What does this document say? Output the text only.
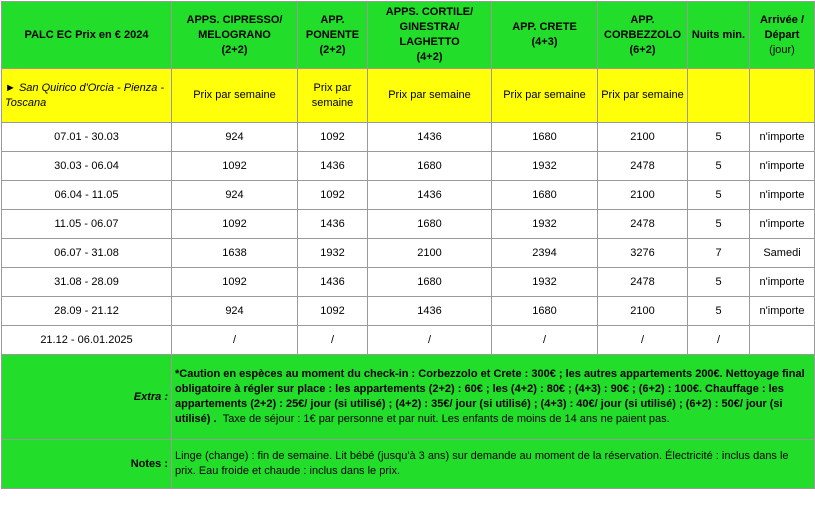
PALC EC Prix en € 2024	APPS. CIPRESSO/
MELOGRANO
(2+2)	APP.
PONENTE
(2+2)	APPS. CORTILE/
GINESTRA/
LAGHETTO
(4+2)	APP. CRETE
(4+3)	APP.
CORBEZZOLO
(6+2)	Nuits min.	Arrivée /
Départ
(jour)

► San Quirico d'Orcia - Pienza - Toscana	Prix par semaine	Prix par semaine	Prix par semaine	Prix par semaine	Prix par semaine		
07.01 - 30.03	924	1092	1436	1680	2100	5	n'importe
30.03 - 06.04	1092	1436	1680	1932	2478	5	n'importe
06.04 - 11.05	924	1092	1436	1680	2100	5	n'importe
11.05 - 06.07	1092	1436	1680	1932	2478	5	n'importe
06.07 - 31.08	1638	1932	2100	2394	3276	7	Samedi
31.08 - 28.09	1092	1436	1680	1932	2478	5	n'importe
28.09 - 21.12	924	1092	1436	1680	2100	5	n'importe
21.12 - 06.01.2025	/	/	/	/	/	/	
Extra :	*Caution en espèces au moment du check-in : Corbezzolo et Crete : 300€ ; les autres appartements 200€. Nettoyage final obligatoire à régler sur place : les appartements (2+2) : 60€ ; les (4+2) : 80€ ; (4+3) : 90€ ; (6+2) : 100€. Chauffage : les appartements (2+2) : 25€/ jour (si utilisé) ; (4+2) : 35€/ jour (si utilisé) ; (4+3) : 40€/ jour (si utilisé) ; (6+2) : 50€/ jour (si utilisé) . Taxe de séjour : 1€ par personne et par nuit. Les enfants de moins de 14 ans ne paient pas.						
Notes :	Linge (change) : fin de semaine. Lit bébé (jusqu'à 3 ans) sur demande au moment de la réservation. Électricité : inclus dans le prix. Eau froide et chaude : inclus dans le prix.						
